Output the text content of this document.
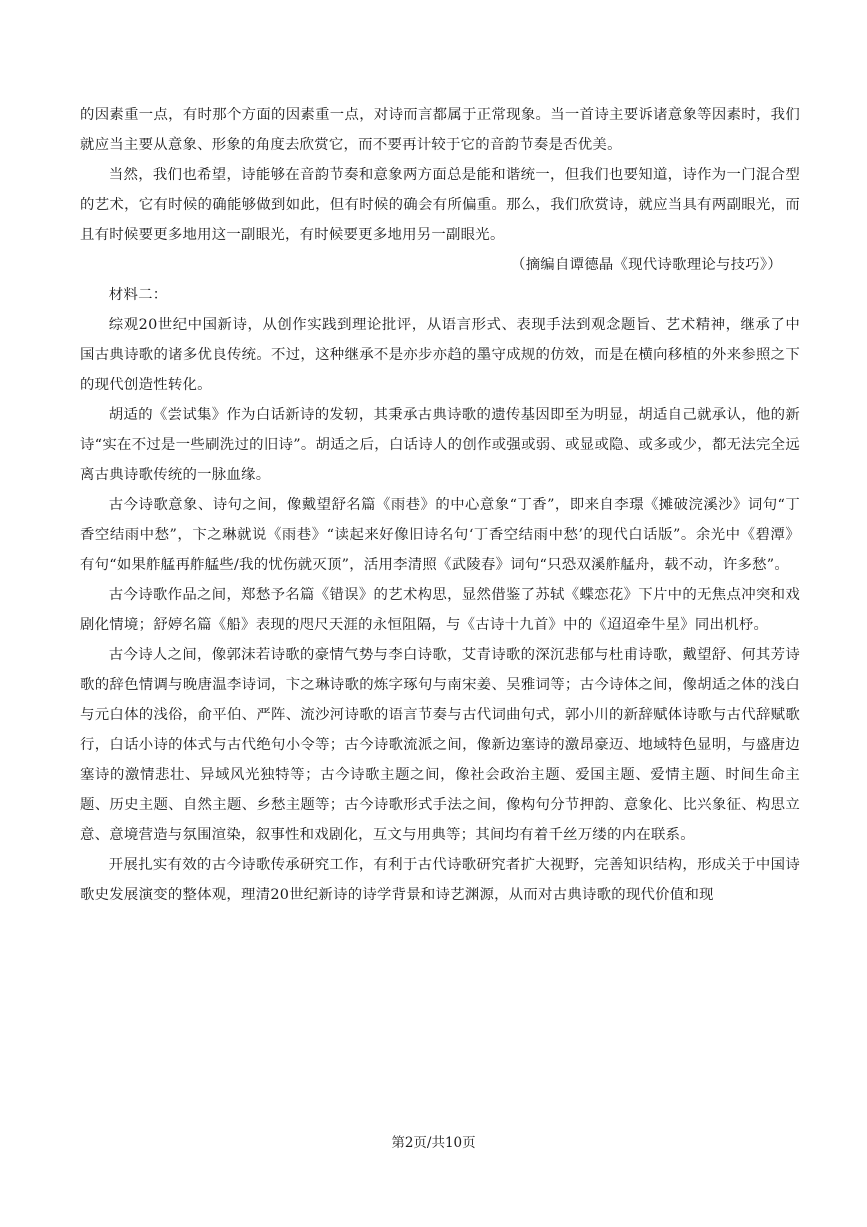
的因素重一点，有时那个方面的因素重一点，对诗而言都属于正常现象。当一首诗主要诉诸意象等因素时，我们就应当主要从意象、形象的角度去欣赏它，而不要再计较于它的音韵节奏是否优美。

当然，我们也希望，诗能够在音韵节奏和意象两方面总是能和谐统一，但我们也要知道，诗作为一门混合型的艺术，它有时候的确能够做到如此，但有时候的确会有所偏重。那么，我们欣赏诗，就应当具有两副眼光，而且有时候要更多地用这一副眼光，有时候要更多地用另一副眼光。

（摘编自谭德晶《现代诗歌理论与技巧》）

材料二：

综观20世纪中国新诗，从创作实践到理论批评，从语言形式、表现手法到观念题旨、艺术精神，继承了中国古典诗歌的诸多优良传统。不过，这种继承不是亦步亦趋的墨守成规的仿效，而是在横向移植的外来参照之下的现代创造性转化。

胡适的《尝试集》作为白话新诗的发轫，其秉承古典诗歌的遗传基因即至为明显，胡适自己就承认，他的新诗“实在不过是一些刷洗过的旧诗”。胡适之后，白话诗人的创作或强或弱、或显或隐、或多或少，都无法完全远离古典诗歌传统的一脉血缘。

古今诗歌意象、诗句之间，像戴望舒名篇《雨巷》的中心意象“丁香”，即来自李璟《摊破浣溪沙》词句“丁香空结雨中愁”，卞之琳就说《雨巷》“读起来好像旧诗名句‘丁香空结雨中愁’的现代白话版”。余光中《碧潭》有句“如果舴艋再舴艋些/我的忧伤就灭顶”，活用李清照《武陵春》词句“只恐双溪舴艋舟，载不动，许多愁”。

古今诗歌作品之间，郑愁予名篇《错误》的艺术构思，显然借鉴了苏轼《蝶恋花》下片中的无焦点冲突和戏剧化情境；舒婷名篇《船》表现的咫尺天涯的永恒阻隔，与《古诗十九首》中的《迢迢牵牛星》同出机杼。

古今诗人之间，像郭沫若诗歌的豪情气势与李白诗歌，艾青诗歌的深沉悲郁与杜甫诗歌，戴望舒、何其芳诗歌的辞色情调与晚唐温李诗词，卞之琳诗歌的炼字琢句与南宋姜、吴雅词等；古今诗体之间，像胡适之体的浅白与元白体的浅俗，俞平伯、严阵、流沙河诗歌的语言节奏与古代词曲句式，郭小川的新辞赋体诗歌与古代辞赋歌行，白话小诗的体式与古代绝句小令等；古今诗歌流派之间，像新边塞诗的激昂豪迈、地域特色显明，与盛唐边塞诗的激情悲壮、异域风光独特等；古今诗歌主题之间，像社会政治主题、爱国主题、爱情主题、时间生命主题、历史主题、自然主题、乡愁主题等；古今诗歌形式手法之间，像构句分节押韵、意象化、比兴象征、构思立意、意境营造与氛围渲染，叙事性和戏剧化，互文与用典等；其间均有着千丝万缕的内在联系。

开展扎实有效的古今诗歌传承研究工作，有利于古代诗歌研究者扩大视野，完善知识结构，形成关于中国诗歌史发展演变的整体观，理清20世纪新诗的诗学背景和诗艺渊源，从而对古典诗歌的现代价值和现

第2页/共10页
